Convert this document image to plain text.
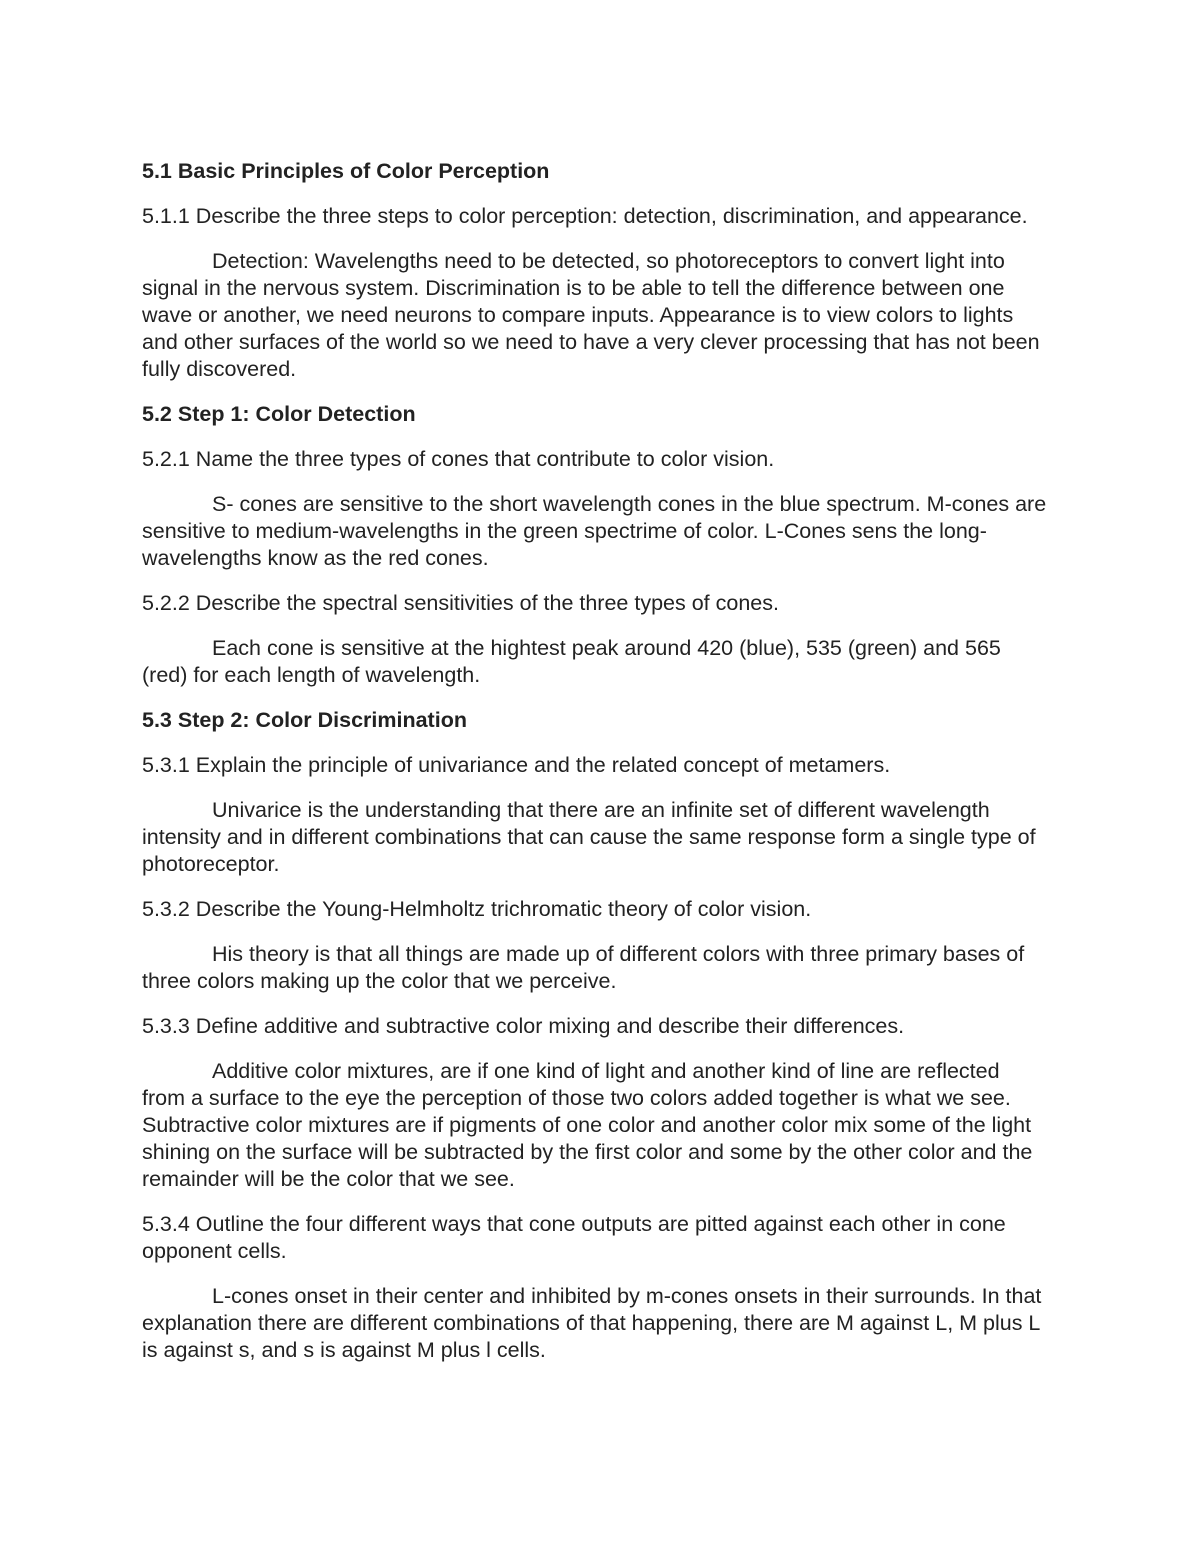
5.1 Basic Principles of Color Perception

5.1.1 Describe the three steps to color perception: detection, discrimination, and appearance.

Detection: Wavelengths need to be detected, so photoreceptors to convert light into signal in the nervous system. Discrimination is to be able to tell the difference between one wave or another, we need neurons to compare inputs. Appearance is to view colors to lights and other surfaces of the world so we need to have a very clever processing that has not been fully discovered.

5.2 Step 1: Color Detection

5.2.1 Name the three types of cones that contribute to color vision.

S- cones are sensitive to the short wavelength cones in the blue spectrum. M-cones are sensitive to medium-wavelengths in the green spectrime of color. L-Cones sens the long-wavelengths know as the red cones.

5.2.2 Describe the spectral sensitivities of the three types of cones.

Each cone is sensitive at the hightest peak around 420 (blue), 535 (green) and 565 (red) for each length of wavelength.

5.3 Step 2: Color Discrimination

5.3.1 Explain the principle of univariance and the related concept of metamers.

Univarice is the understanding that there are an infinite set of different wavelength intensity and in different combinations that can cause the same response form a single type of photoreceptor.

5.3.2 Describe the Young-Helmholtz trichromatic theory of color vision.

His theory is that all things are made up of different colors with three primary bases of three colors making up the color that we perceive.

5.3.3 Define additive and subtractive color mixing and describe their differences.

Additive color mixtures, are if one kind of light and another kind of line are reflected from a surface to the eye the perception of those two colors added together is what we see. Subtractive color mixtures are if pigments of one color and another color mix some of the light shining on the surface will be subtracted by the first color and some by the other color and the remainder will be the color that we see.

5.3.4 Outline the four different ways that cone outputs are pitted against each other in cone opponent cells.

L-cones onset in their center and inhibited by m-cones onsets in their surrounds. In that explanation there are different combinations of that happening, there are M against L, M plus L is against s, and s is against M plus l cells.
